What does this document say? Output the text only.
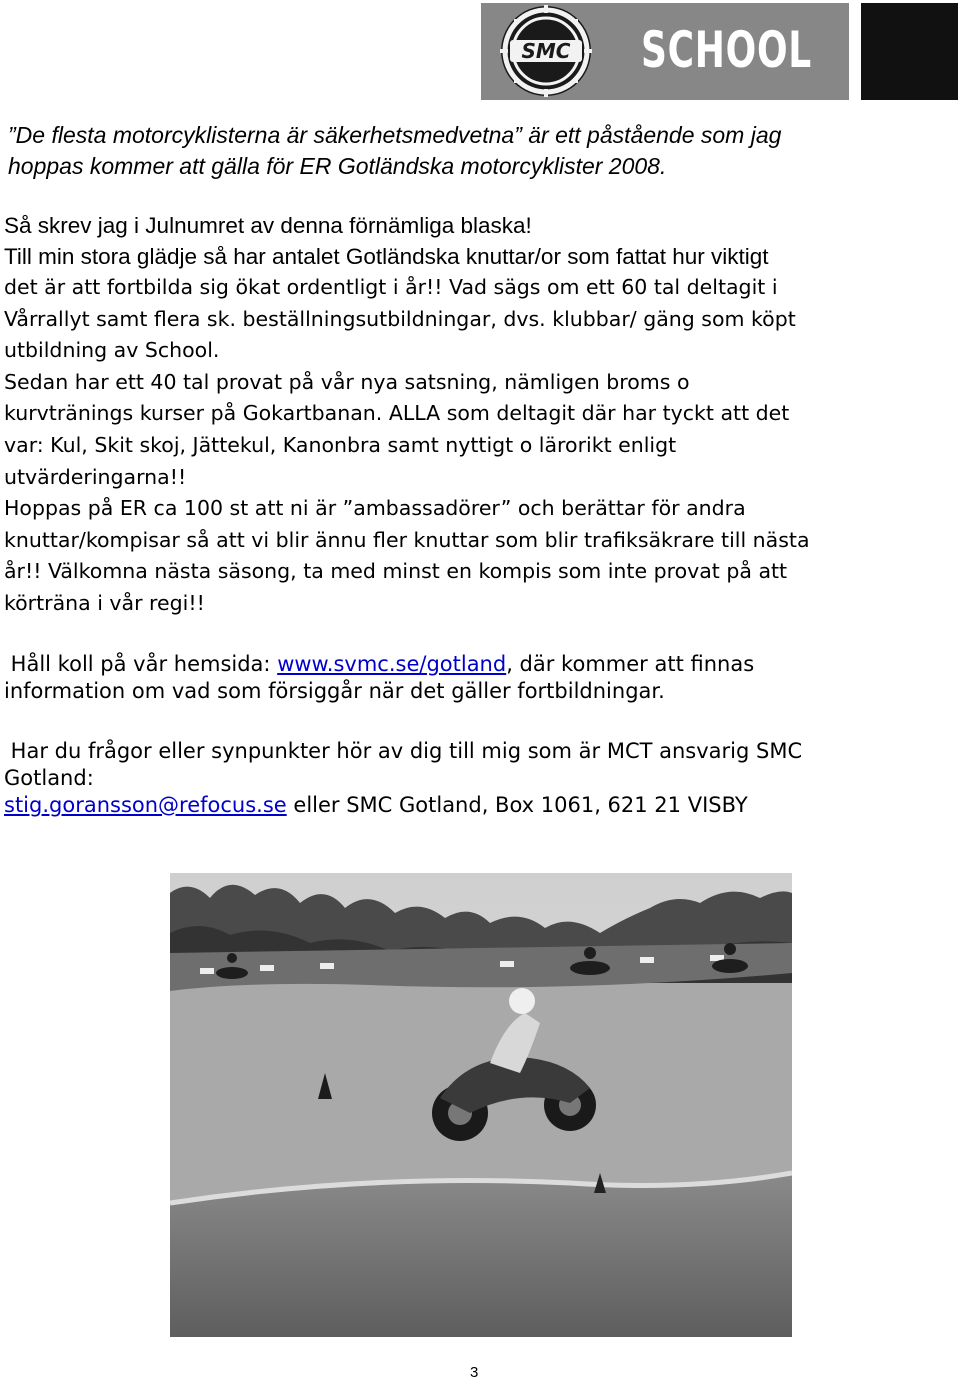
SMC SCHOOL

”De flesta motorcyklisterna är säkerhetsmedvetna” är ett påstående som jag
hoppas kommer att gälla för ER Gotländska motorcyklister 2008.

Så skrev jag i Julnumret av denna förnämliga blaska!
Till min stora glädje så har antalet Gotländska knuttar/or som fattat hur viktigt
det är att fortbilda sig ökat ordentligt i år!! Vad sägs om ett 60 tal deltagit i
Vårrallyt samt flera sk. beställningsutbildningar, dvs. klubbar/ gäng som köpt
utbildning av School.
Sedan har ett 40 tal provat på vår nya satsning, nämligen broms o
kurvtränings kurser på Gokartbanan. ALLA som deltagit där har tyckt att det
var: Kul, Skit skoj, Jättekul, Kanonbra samt nyttigt o lärorikt enligt
utvärderingarna!!
Hoppas på ER ca 100 st att ni är ”ambassadörer” och berättar för andra
knuttar/kompisar så att vi blir ännu fler knuttar som blir trafiksäkrare till nästa
år!! Välkomna nästa säsong, ta med minst en kompis som inte provat på att
körträna i vår regi!!

Håll koll på vår hemsida: www.svmc.se/gotland, där kommer att finnas
information om vad som försiggår när det gäller fortbildningar.

Har du frågor eller synpunkter hör av dig till mig som är MCT ansvarig SMC
Gotland:
stig.goransson@refocus.se eller SMC Gotland, Box 1061, 621 21 VISBY

3
